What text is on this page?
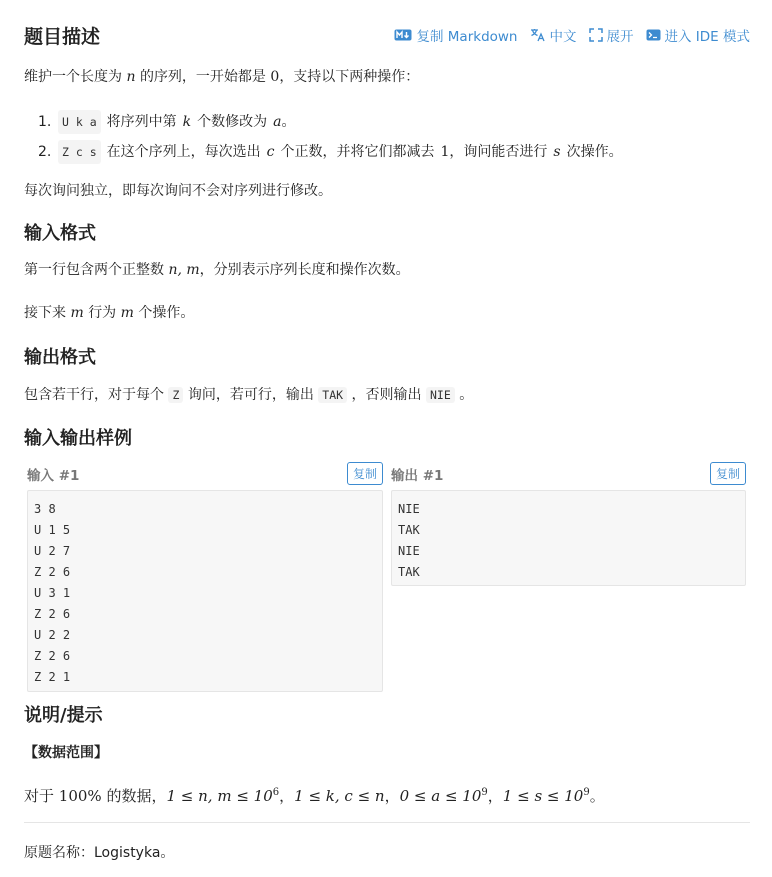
题目描述	复制 Markdown 中文 展开 进入 IDE 模式

维护一个长度为 n 的序列，一开始都是 0，支持以下两种操作：

1. U k a 将序列中第 k 个数修改为 a。
2. Z c s 在这个序列上，每次选出 c 个正数，并将它们都减去 1，询问能否进行 s 次操作。

每次询问独立，即每次询问不会对序列进行修改。

输入格式

第一行包含两个正整数 n, m，分别表示序列长度和操作次数。

接下来 m 行为 m 个操作。

输出格式

包含若干行，对于每个 Z 询问，若可行，输出 TAK ，否则输出 NIE 。

输入输出样例
输入 #1	复制
3 8
U 1 5
U 2 7
Z 2 6
U 3 1
Z 2 6
U 2 2
Z 2 6
Z 2 1
输出 #1	复制
NIE
TAK
NIE
TAK
说明/提示

【数据范围】

对于 100% 的数据，1 ≤ n, $m \le 10^6$，1 ≤ k, c ≤ n，$0 \le a \le 10^9$，$1 \le s \le 10^9$。

原题名称：Logistyka。
